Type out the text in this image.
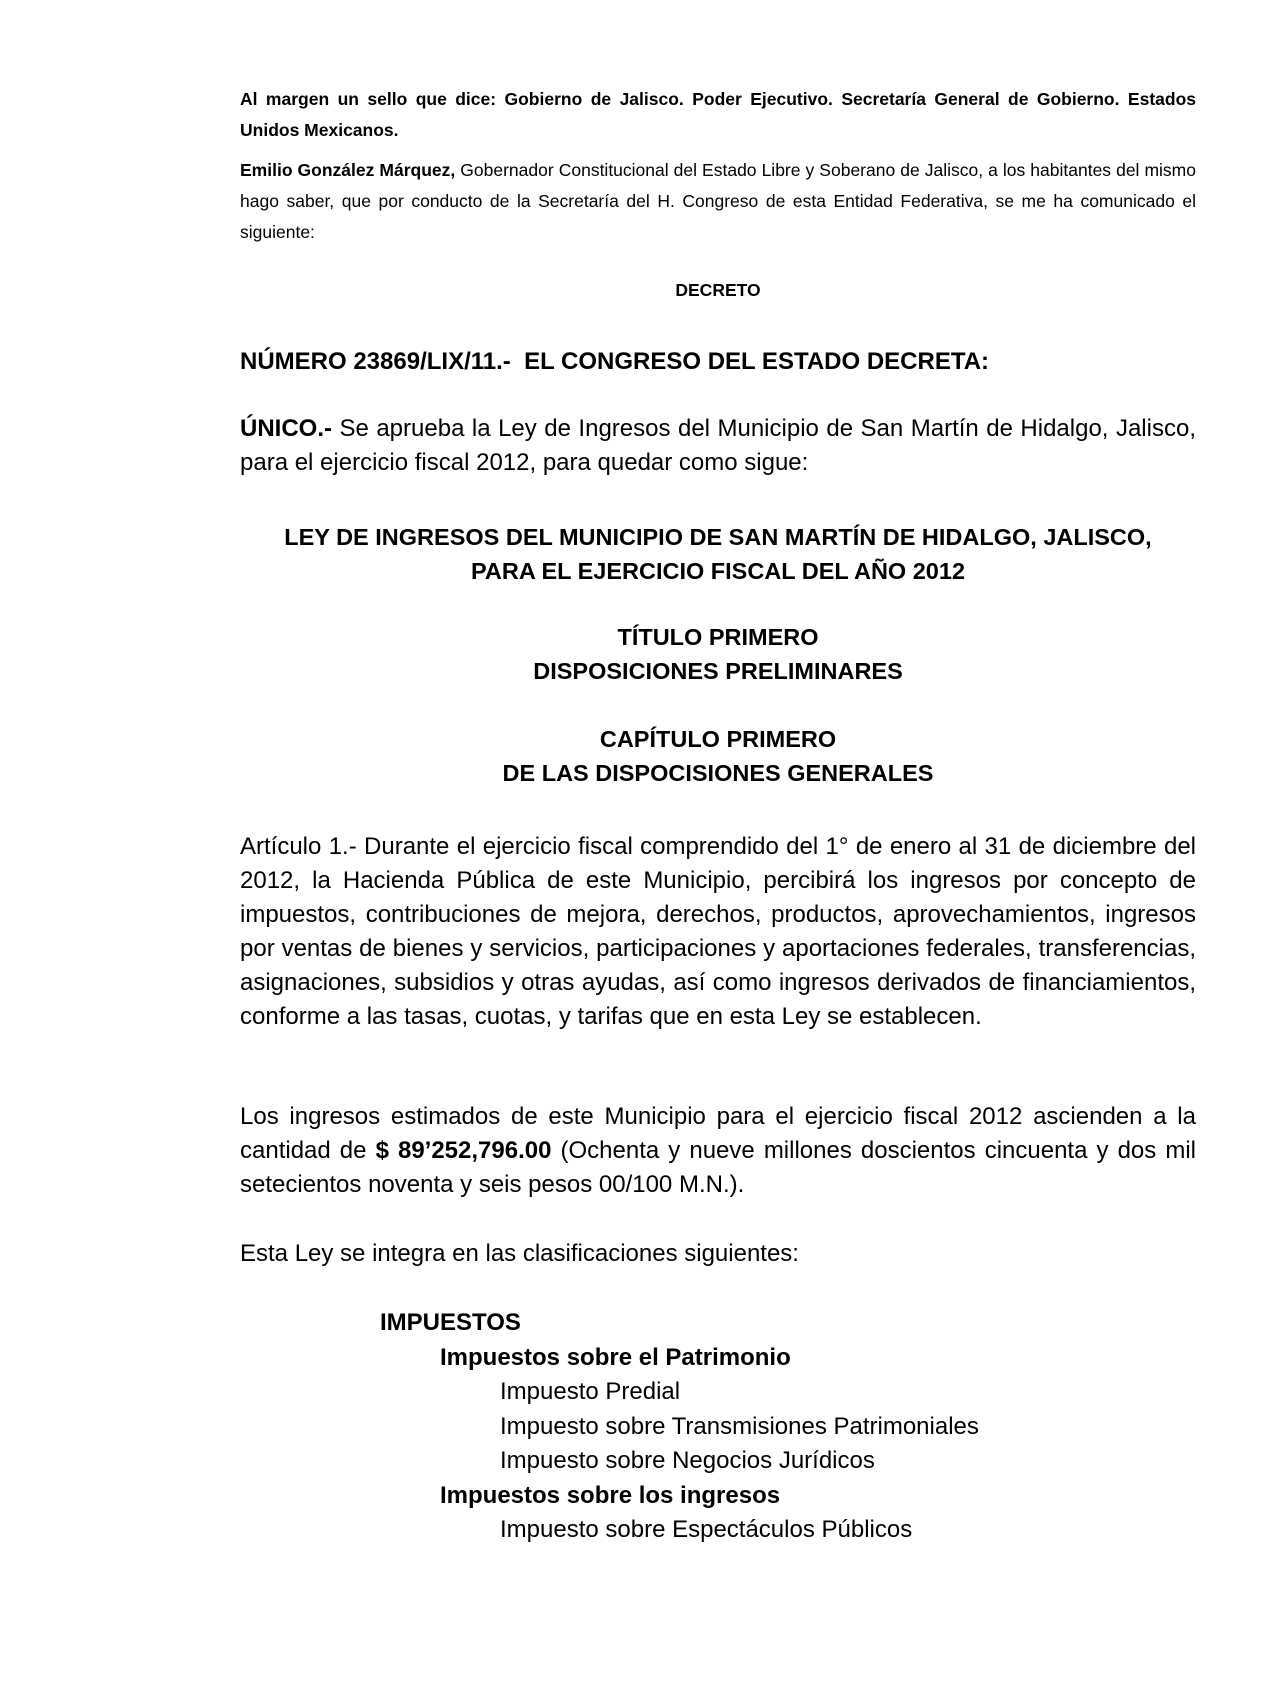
Al margen un sello que dice: Gobierno de Jalisco. Poder Ejecutivo. Secretaría General de Gobierno. Estados Unidos Mexicanos.

Emilio González Márquez, Gobernador Constitucional del Estado Libre y Soberano de Jalisco, a los habitantes del mismo hago saber, que por conducto de la Secretaría del H. Congreso de esta Entidad Federativa, se me ha comunicado el siguiente:

DECRETO
NÚMERO 23869/LIX/11.-  EL CONGRESO DEL ESTADO DECRETA:

ÚNICO.- Se aprueba la Ley de Ingresos del Municipio de San Martín de Hidalgo, Jalisco, para el ejercicio fiscal 2012, para quedar como sigue:

LEY DE INGRESOS DEL MUNICIPIO DE SAN MARTÍN DE HIDALGO, JALISCO,
PARA EL EJERCICIO FISCAL DEL AÑO 2012
TÍTULO PRIMERO
DISPOSICIONES PRELIMINARES
CAPÍTULO PRIMERO
DE LAS DISPOCISIONES GENERALES

Artículo 1.- Durante el ejercicio fiscal comprendido del 1° de enero al 31 de diciembre del 2012, la Hacienda Pública de este Municipio, percibirá los ingresos por concepto de impuestos, contribuciones de mejora, derechos, productos, aprovechamientos, ingresos por ventas de bienes y servicios, participaciones y aportaciones federales, transferencias, asignaciones, subsidios y otras ayudas, así como ingresos derivados de financiamientos, conforme a las tasas, cuotas, y tarifas que en esta Ley se establecen.

Los ingresos estimados de este Municipio para el ejercicio fiscal 2012 ascienden a la cantidad de $ 89’252,796.00 (Ochenta y nueve millones doscientos cincuenta y dos mil setecientos noventa y seis pesos 00/100 M.N.).

Esta Ley se integra en las clasificaciones siguientes:

IMPUESTOS
Impuestos sobre el Patrimonio
Impuesto Predial
Impuesto sobre Transmisiones Patrimoniales
Impuesto sobre Negocios Jurídicos
Impuestos sobre los ingresos
Impuesto sobre Espectáculos Públicos
